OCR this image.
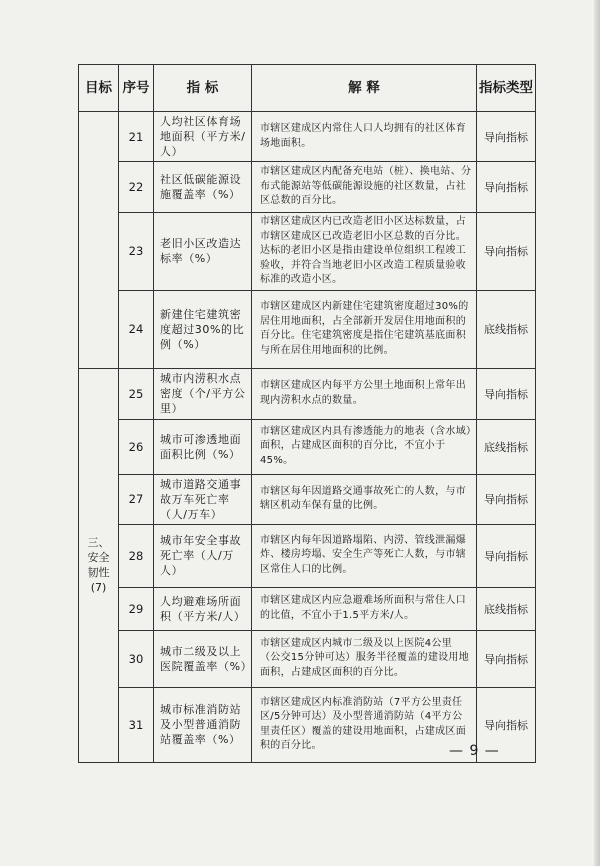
目标	序号	指 标	解 释	指标类型
	21	人均社区体育场地面积（平方米/人）	市辖区建成区内常住人口人均拥有的社区体育场地面积。	导向指标
	22	社区低碳能源设施覆盖率（%）	市辖区建成区内配备充电站（桩）、换电站、分布式能源站等低碳能源设施的社区数量，占社区总数的百分比。	导向指标
	23	老旧小区改造达标率（%）	市辖区建成区内已改造老旧小区达标数量，占市辖区建成区已改造老旧小区总数的百分比。达标的老旧小区是指由建设单位组织工程竣工验收，并符合当地老旧小区改造工程质量验收标准的改造小区。	导向指标
	24	新建住宅建筑密度超过30%的比例（%）	市辖区建成区内新建住宅建筑密度超过30%的居住用地面积，占全部新开发居住用地面积的百分比。住宅建筑密度是指住宅建筑基底面积与所在居住用地面积的比例。	底线指标
三、
安全
韧性
(7)	25	城市内涝积水点密度（个/平方公里）	市辖区建成区内每平方公里土地面积上常年出现内涝积水点的数量。	导向指标
	26	城市可渗透地面面积比例（%）	市辖区建成区内具有渗透能力的地表（含水域）面积，占建成区面积的百分比，不宜小于45%。	底线指标
	27	城市道路交通事故万车死亡率（人/万车）	市辖区每年因道路交通事故死亡的人数，与市辖区机动车保有量的比例。	导向指标
	28	城市年安全事故死亡率（人/万人）	市辖区内每年因道路塌陷、内涝、管线泄漏爆炸、楼房垮塌、安全生产等死亡人数，与市辖区常住人口的比例。	导向指标
	29	人均避难场所面积（平方米/人）	市辖区建成区内应急避难场所面积与常住人口的比值，不宜小于1.5平方米/人。	底线指标
	30	城市二级及以上医院覆盖率（%）	市辖区建成区内城市二级及以上医院4公里（公交15分钟可达）服务半径覆盖的建设用地面积，占建成区面积的百分比。	导向指标
	31	城市标准消防站及小型普通消防站覆盖率（%）	市辖区建成区内标准消防站（7平方公里责任区/5分钟可达）及小型普通消防站（4平方公里责任区）覆盖的建设用地面积，占建成区面积的百分比。	导向指标
— 9 —
